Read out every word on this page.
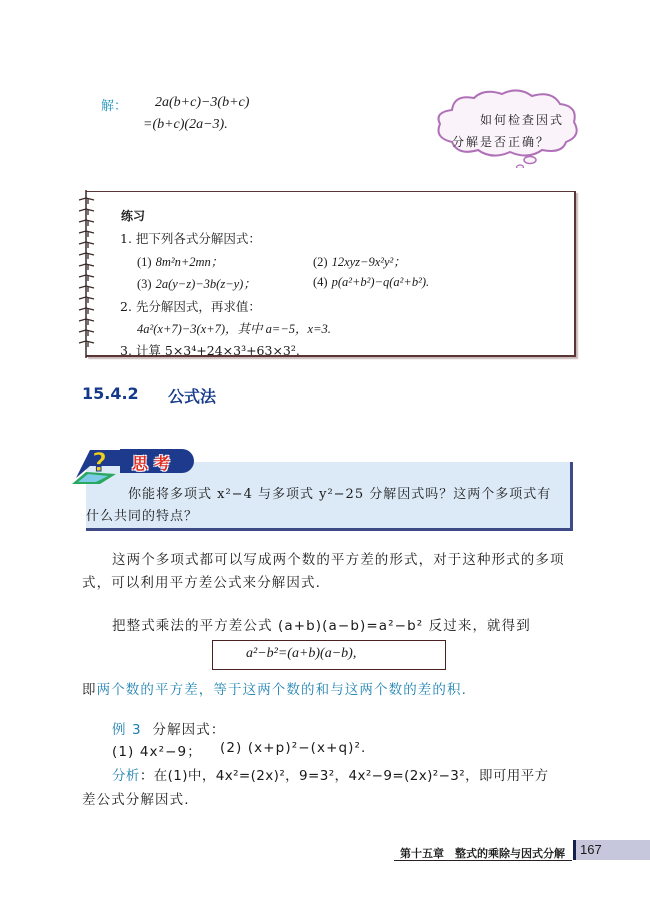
解： 2a(b+c)−3(b+c)
=(b+c)(2a−3).	如何检查因式
分解是否正确？
练习
1. 把下列各式分解因式：
(1) 8m²n+2mn；	(2) 12xyz−9x²y²；
(3) 2a(y−z)−3b(z−y)；	(4) p(a²+b²)−q(a²+b²).
2. 先分解因式，再求值：
4a²(x+7)−3(x+7)，其中 a=−5，x=3.
3. 计算 5×3⁴+24×3³+63×3².
15.4.2 公式法
? 思考
你能将多项式 x²−4 与多项式 y²−25 分解因式吗？这两个多项式有
什么共同的特点？
这两个多项式都可以写成两个数的平方差的形式，对于这种形式的多项
式，可以利用平方差公式来分解因式.
把整式乘法的平方差公式 (a+b)(a−b)=a²−b² 反过来，就得到
a²−b²=(a+b)(a−b),
即两个数的平方差，等于这两个数的和与这两个数的差的积.
例 3 分解因式：
(1) 4x²−9； (2) (x+p)²−(x+q)².
分析：在(1)中，4x²=(2x)²，9=3²，4x²−9=(2x)²−3²，即可用平方
差公式分解因式.
第十五章　整式的乘除与因式分解 167
